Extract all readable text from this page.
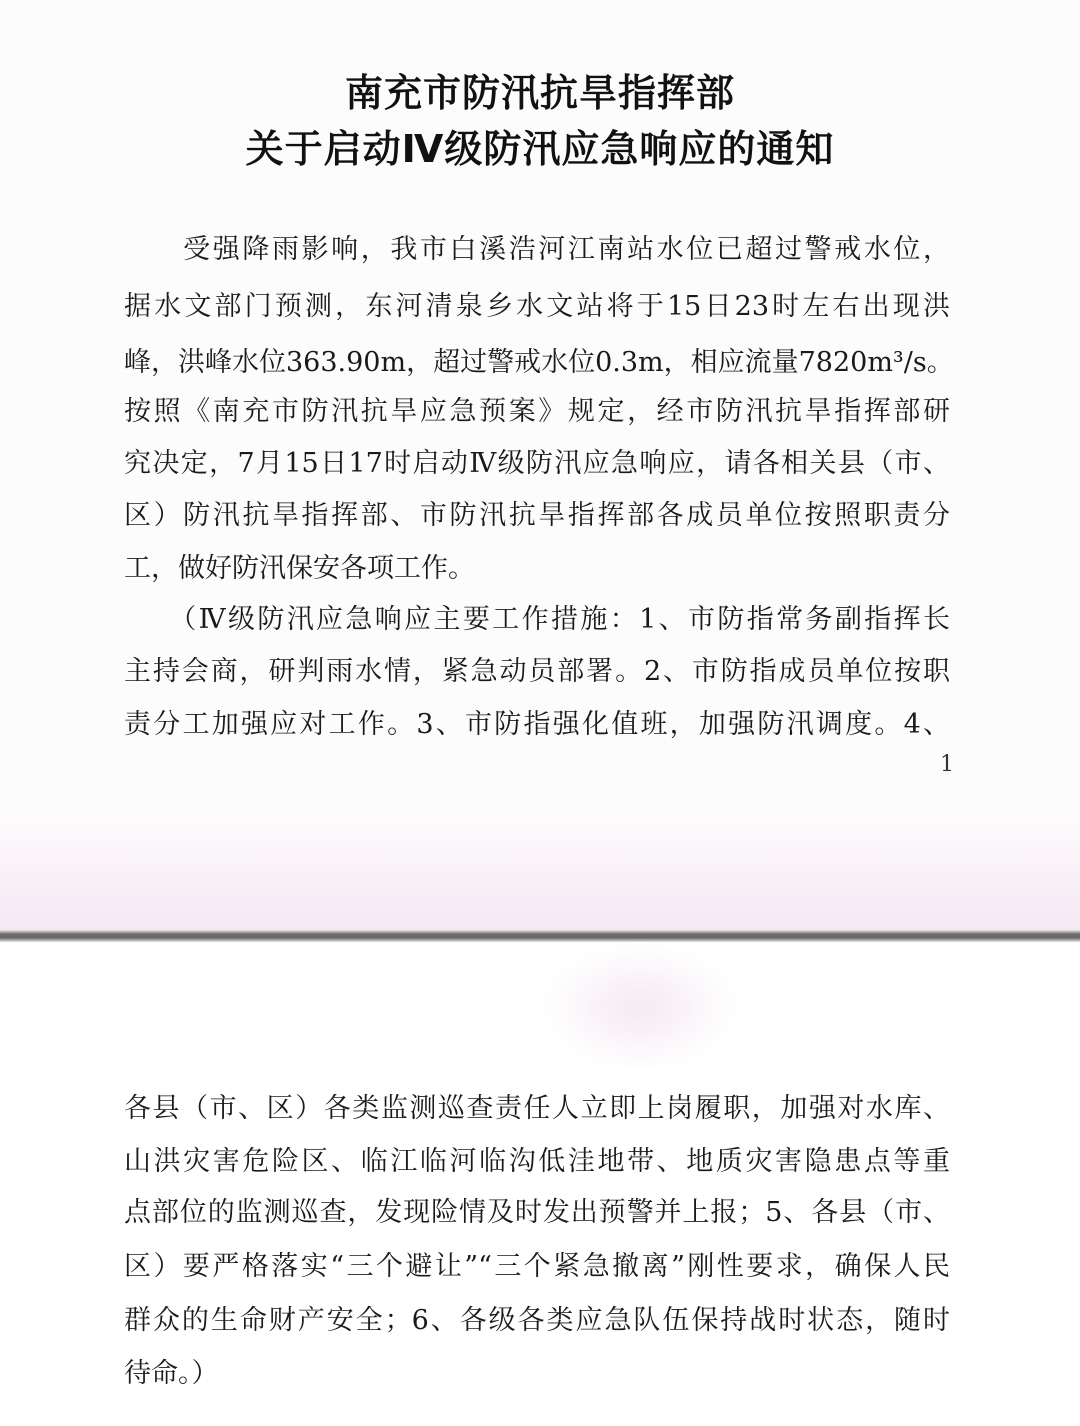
南充市防汛抗旱指挥部
关于启动Ⅳ级防汛应急响应的通知
　　受强降雨影响，我市白溪浩河江南站水位已超过警戒水位，
据水文部门预测，东河清泉乡水文站将于15日23时左右出现洪
峰，洪峰水位363.90m，超过警戒水位0.3m，相应流量7820m³/s。
按照《南充市防汛抗旱应急预案》规定，经市防汛抗旱指挥部研
究决定，7月15日17时启动Ⅳ级防汛应急响应，请各相关县（市、
区）防汛抗旱指挥部、市防汛抗旱指挥部各成员单位按照职责分
工，做好防汛保安各项工作。
　　（Ⅳ级防汛应急响应主要工作措施：1、市防指常务副指挥长
主持会商，研判雨水情，紧急动员部署。2、市防指成员单位按职
责分工加强应对工作。3、市防指强化值班，加强防汛调度。4、
1
各县（市、区）各类监测巡查责任人立即上岗履职，加强对水库、
山洪灾害危险区、临江临河临沟低洼地带、地质灾害隐患点等重
点部位的监测巡查，发现险情及时发出预警并上报；5、各县（市、
区）要严格落实“三个避让”“三个紧急撤离”刚性要求，确保人民
群众的生命财产安全；6、各级各类应急队伍保持战时状态，随时
待命。）
